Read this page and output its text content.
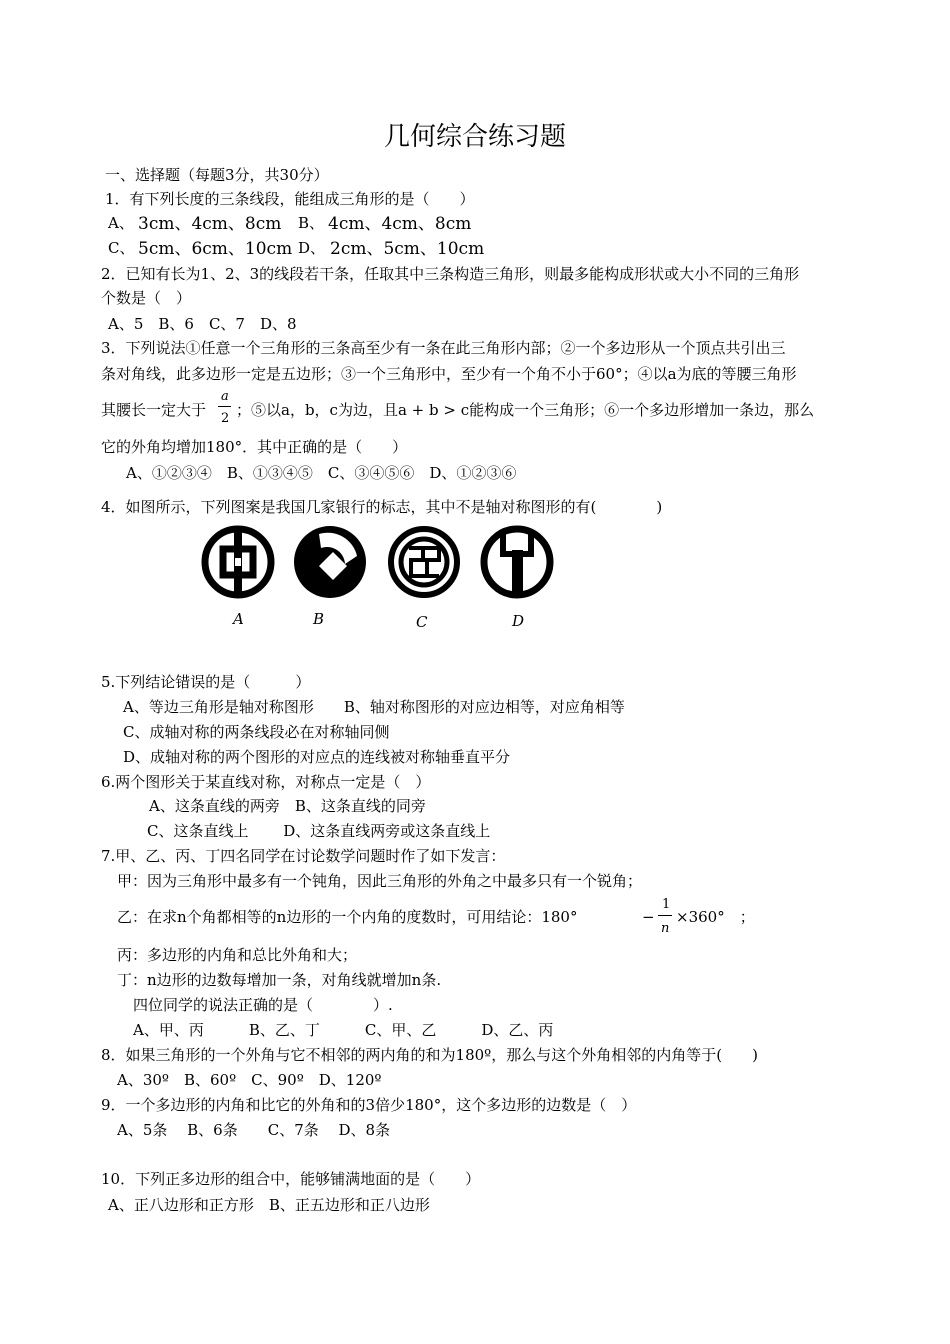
几何综合练习题
一、选择题（每题3分，共30分）
1．有下列长度的三条线段，能组成三角形的是（　　）
A、 3cm、4cm、8cm B、 4cm、4cm、8cm
C、 5cm、6cm、10cm D、 2cm、5cm、10cm
2．已知有长为1、2、3的线段若干条，任取其中三条构造三角形，则最多能构成形状或大小不同的三角形
个数是（　）
A、5　B、6　C、7　D、8
3．下列说法①任意一个三角形的三条高至少有一条在此三角形内部；②一个多边形从一个顶点共引出三
条对角线，此多边形一定是五边形；③一个三角形中，至少有一个角不小于60°；④以a为底的等腰三角形
其腰长一定大于
a
2 ；⑤以a，b，c为边，且a + b > c能构成一个三角形；⑥一个多边形增加一条边，那么
它的外角均增加180°．其中正确的是（　　）
A、①②③④　B、①③④⑤　C、③④⑤⑥　D、①②③⑥
4．如图所示，下列图案是我国几家银行的标志，其中不是轴对称图形的有(　　　　)
A	B	C	D
5.下列结论错误的是（　　　）
A、等边三角形是轴对称图形　　B、轴对称图形的对应边相等，对应角相等
C、成轴对称的两条线段必在对称轴同侧
D、成轴对称的两个图形的对应点的连线被对称轴垂直平分
6.两个图形关于某直线对称，对称点一定是（　）
A、这条直线的两旁　B、这条直线的同旁
C、这条直线上　　 D、这条直线两旁或这条直线上
7.甲、乙、丙、丁四名同学在讨论数学问题时作了如下发言：
甲：因为三角形中最多有一个钝角，因此三角形的外角之中最多只有一个锐角；
乙：在求n个角都相等的n边形的一个内角的度数时，可用结论：180°	−
1
n
×360°　；
丙：多边形的内角和总比外角和大；
丁：n边形的边数每增加一条，对角线就增加n条.
四位同学的说法正确的是（　　　　）.
A、甲、丙　　　B、乙、丁　　　C、甲、乙　　　D、乙、丙
8．如果三角形的一个外角与它不相邻的两内角的和为180º，那么与这个外角相邻的内角等于(　　)
A、30º　B、60º　C、90º　D、120º
9．一个多边形的内角和比它的外角和的3倍少180°，这个多边形的边数是（　）
A、5条　 B、6条　　C、7条　 D、8条
10．下列正多边形的组合中，能够铺满地面的是（　　）
A、正八边形和正方形　B、正五边形和正八边形
